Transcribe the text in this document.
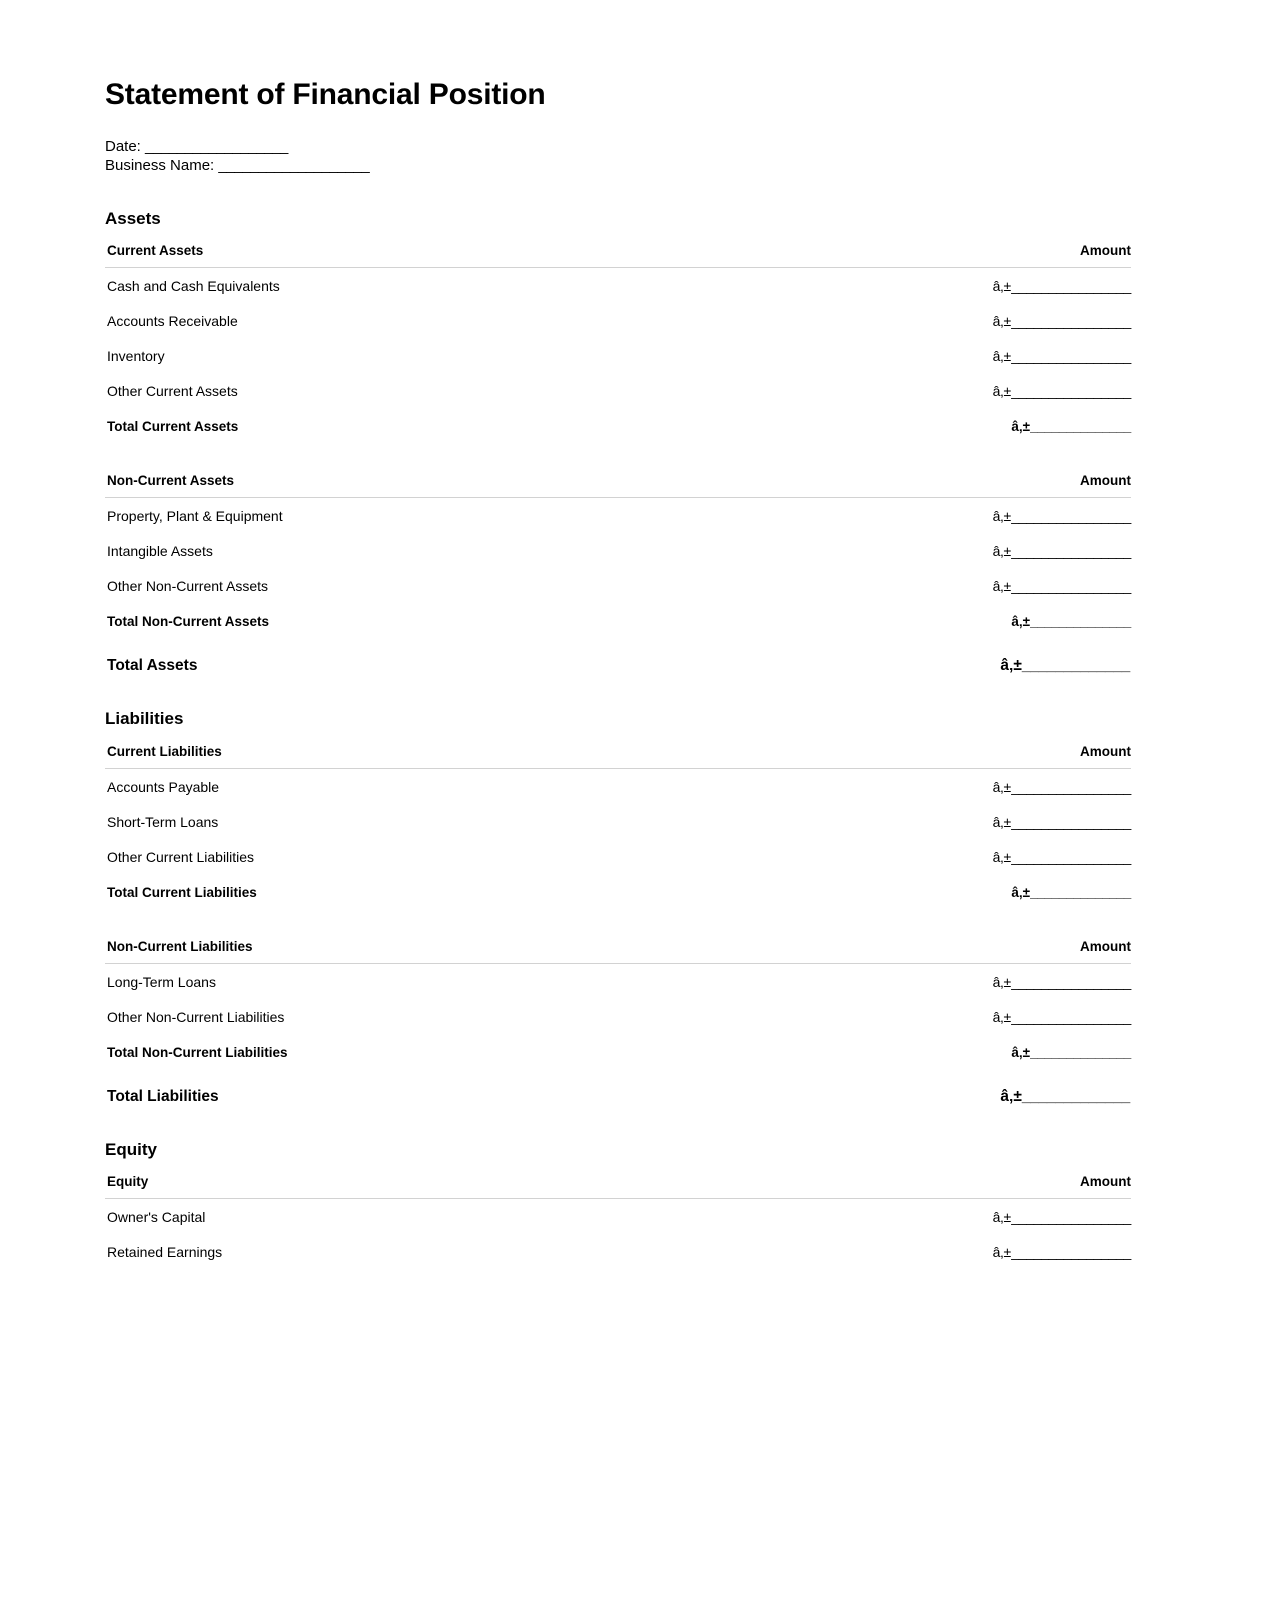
Statement of Financial Position
Date: __________________
Business Name: ___________________
Assets
Current Assets	Amount
Cash and Cash Equivalents	â‚±________________
Accounts Receivable	â‚±________________
Inventory	â‚±________________
Other Current Assets	â‚±________________
Total Current Assets	â‚±______________
Non-Current Assets	Amount
Property, Plant & Equipment	â‚±________________
Intangible Assets	â‚±________________
Other Non-Current Assets	â‚±________________
Total Non-Current Assets	â‚±______________
Total Assets	â‚±_____________
Liabilities
Current Liabilities	Amount
Accounts Payable	â‚±________________
Short-Term Loans	â‚±________________
Other Current Liabilities	â‚±________________
Total Current Liabilities	â‚±______________
Non-Current Liabilities	Amount
Long-Term Loans	â‚±________________
Other Non-Current Liabilities	â‚±________________
Total Non-Current Liabilities	â‚±______________
Total Liabilities	â‚±_____________
Equity
Equity	Amount
Owner's Capital	â‚±________________
Retained Earnings	â‚±________________
